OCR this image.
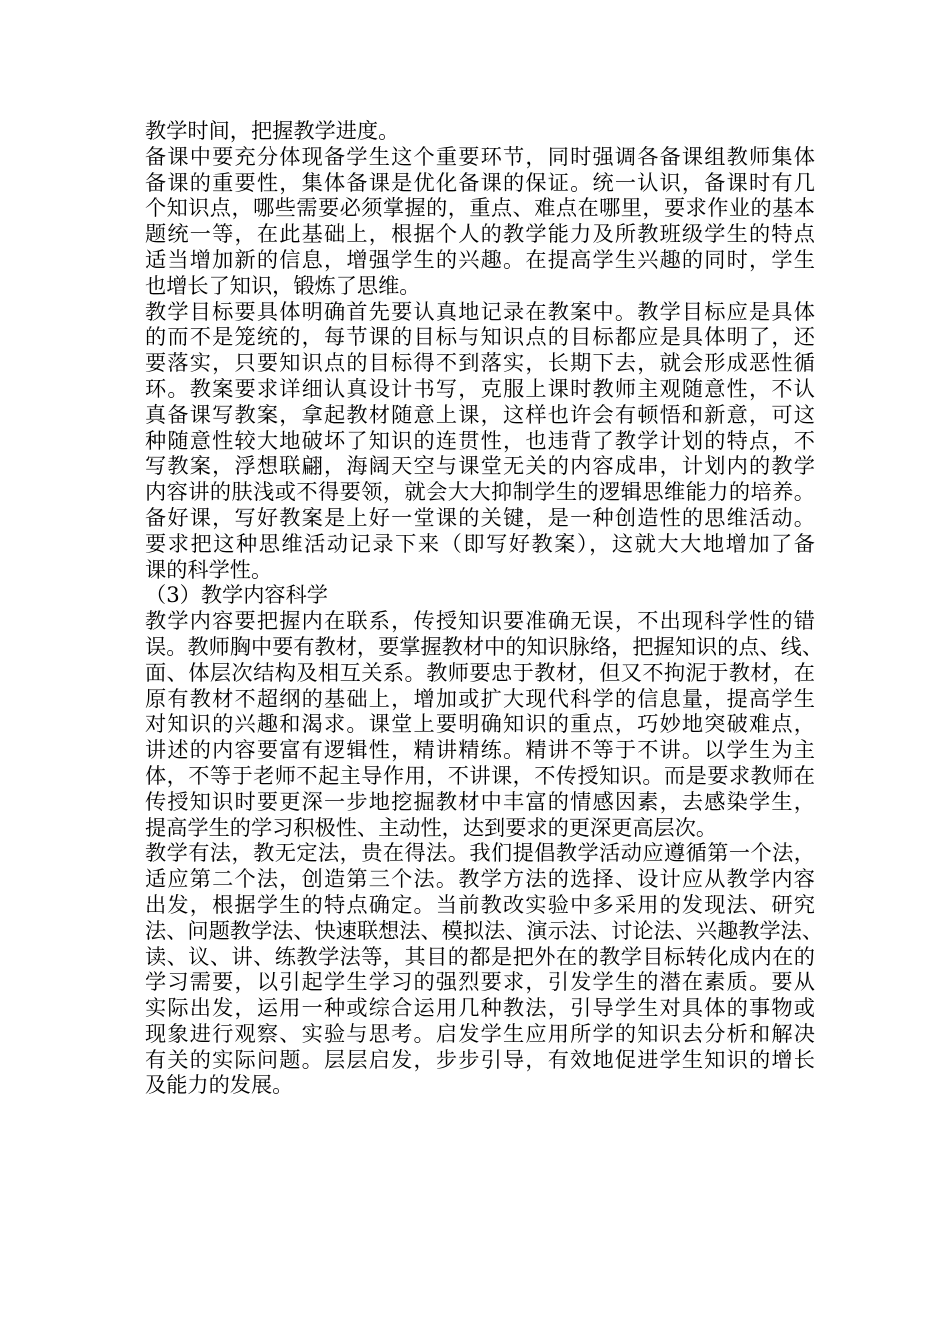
教学时间，把握教学进度。
备课中要充分体现备学生这个重要环节，同时强调各备课组教师集体
备课的重要性，集体备课是优化备课的保证。统一认识，备课时有几
个知识点，哪些需要必须掌握的，重点、难点在哪里，要求作业的基本
题统一等，在此基础上，根据个人的教学能力及所教班级学生的特点
适当增加新的信息，增强学生的兴趣。在提高学生兴趣的同时，学生
也增长了知识，锻炼了思维。
教学目标要具体明确首先要认真地记录在教案中。教学目标应是具体
的而不是笼统的，每节课的目标与知识点的目标都应是具体明了，还
要落实，只要知识点的目标得不到落实，长期下去，就会形成恶性循
环。教案要求详细认真设计书写，克服上课时教师主观随意性，不认
真备课写教案，拿起教材随意上课，这样也许会有顿悟和新意，可这
种随意性较大地破坏了知识的连贯性，也违背了教学计划的特点，不
写教案，浮想联翩，海阔天空与课堂无关的内容成串，计划内的教学
内容讲的肤浅或不得要领，就会大大抑制学生的逻辑思维能力的培养。
备好课，写好教案是上好一堂课的关键，是一种创造性的思维活动。
要求把这种思维活动记录下来（即写好教案），这就大大地增加了备
课的科学性。
（3）教学内容科学
教学内容要把握内在联系，传授知识要准确无误，不出现科学性的错
误。教师胸中要有教材，要掌握教材中的知识脉络，把握知识的点、线、
面、体层次结构及相互关系。教师要忠于教材，但又不拘泥于教材，在
原有教材不超纲的基础上，增加或扩大现代科学的信息量，提高学生
对知识的兴趣和渴求。课堂上要明确知识的重点，巧妙地突破难点，
讲述的内容要富有逻辑性，精讲精练。精讲不等于不讲。以学生为主
体，不等于老师不起主导作用，不讲课，不传授知识。而是要求教师在
传授知识时要更深一步地挖掘教材中丰富的情感因素，去感染学生，
提高学生的学习积极性、主动性，达到要求的更深更高层次。
教学有法，教无定法，贵在得法。我们提倡教学活动应遵循第一个法，
适应第二个法，创造第三个法。教学方法的选择、设计应从教学内容
出发，根据学生的特点确定。当前教改实验中多采用的发现法、研究
法、问题教学法、快速联想法、模拟法、演示法、讨论法、兴趣教学法、
读、议、讲、练教学法等，其目的都是把外在的教学目标转化成内在的
学习需要，以引起学生学习的强烈要求，引发学生的潜在素质。要从
实际出发，运用一种或综合运用几种教法，引导学生对具体的事物或
现象进行观察、实验与思考。启发学生应用所学的知识去分析和解决
有关的实际问题。层层启发，步步引导，有效地促进学生知识的增长
及能力的发展。
